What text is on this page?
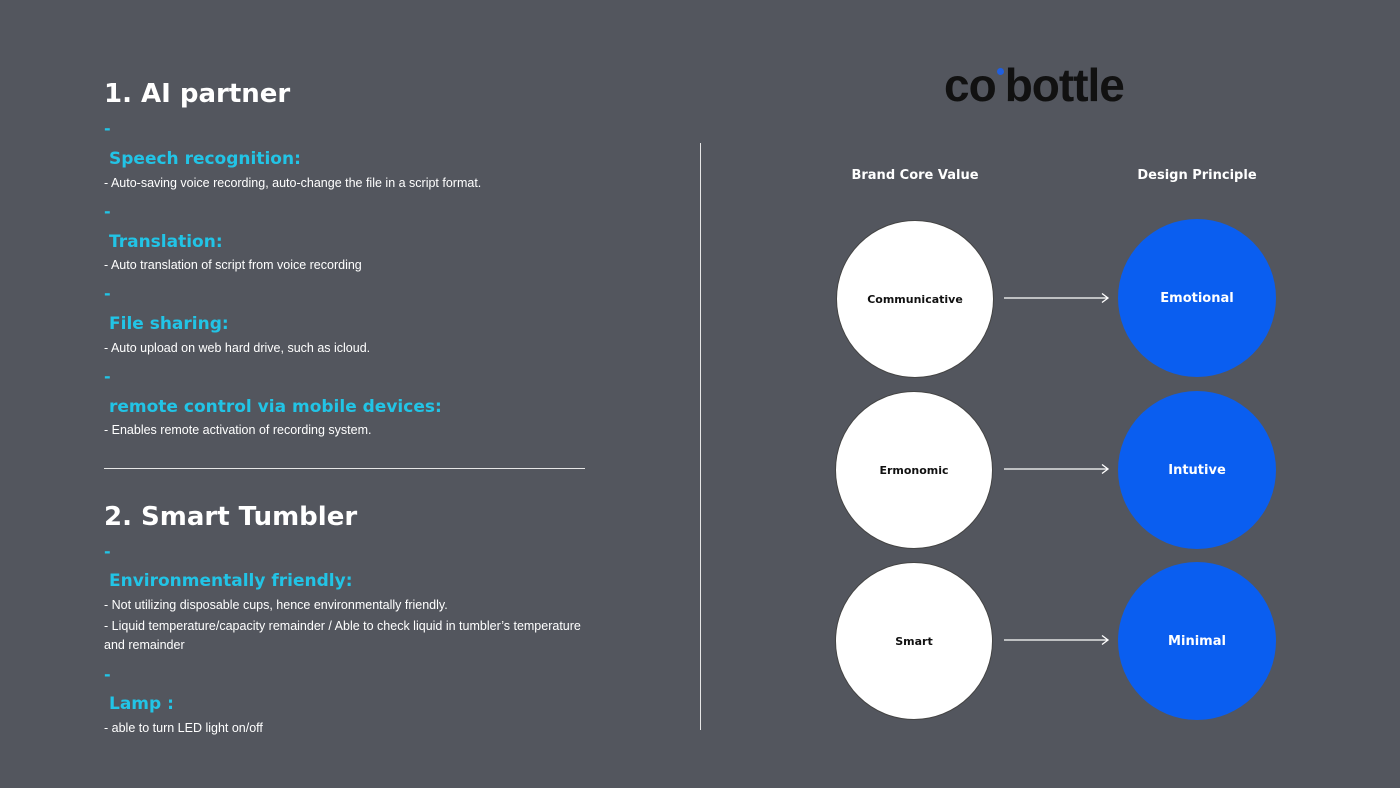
1. AI partner
-
Speech recognition:
- Auto-saving voice recording, auto-change the file in a script format.
-
Translation:
- Auto translation of script from voice recording
-
File sharing:
- Auto upload on web hard drive, such as icloud.
-
remote control via mobile devices:
- Enables remote activation of recording system.
2. Smart Tumbler
-
Environmentally friendly:
- Not utilizing disposable cups, hence environmentally friendly.
- Liquid temperature/capacity remainder / Able to check liquid in tumbler’s temperature
and remainder
-
Lamp :
- able to turn LED light on/off
co bottle
Brand Core Value	Design Principle
Communicative	Emotional
Ermonomic	Intutive
Smart	Minimal
